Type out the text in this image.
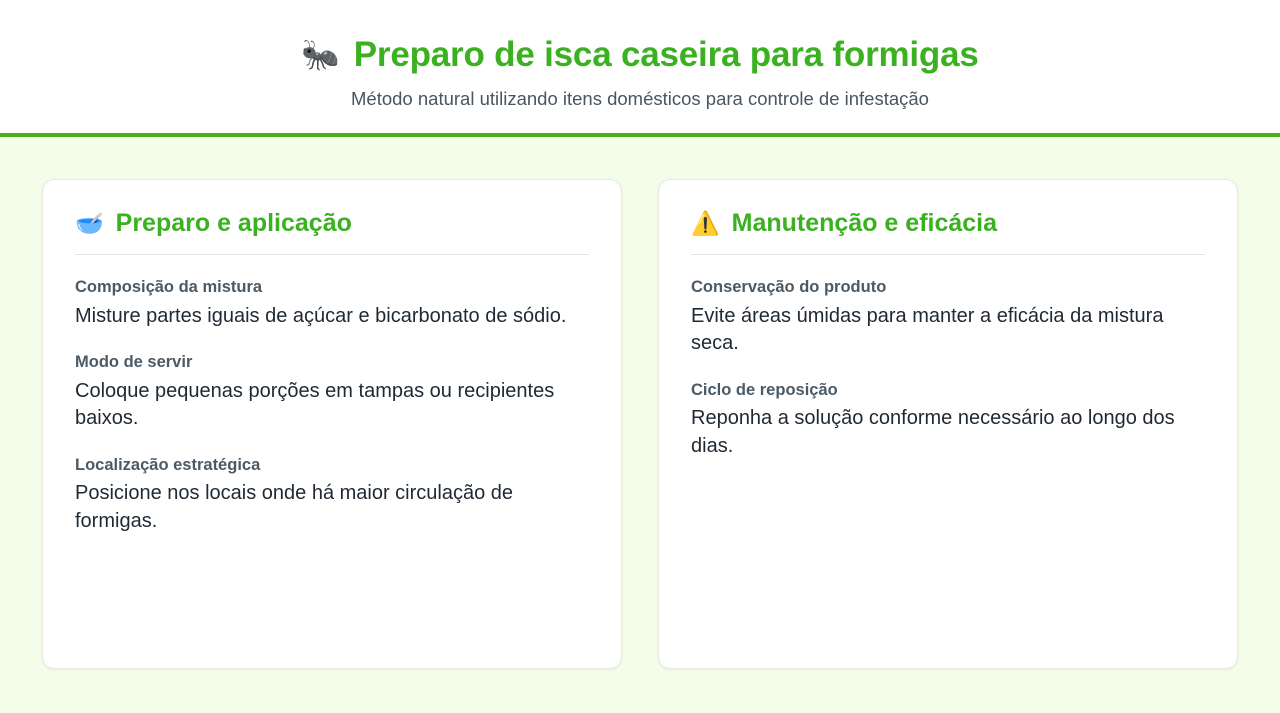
🐜 Preparo de isca caseira para formigas

Método natural utilizando itens domésticos para controle de infestação

🥣 Preparo e aplicação

Composição da mistura

Misture partes iguais de açúcar e bicarbonato de sódio.

Modo de servir

Coloque pequenas porções em tampas ou recipientes baixos.

Localização estratégica

Posicione nos locais onde há maior circulação de formigas.

⚠️ Manutenção e eficácia

Conservação do produto

Evite áreas úmidas para manter a eficácia da mistura seca.

Ciclo de reposição

Reponha a solução conforme necessário ao longo dos dias.
